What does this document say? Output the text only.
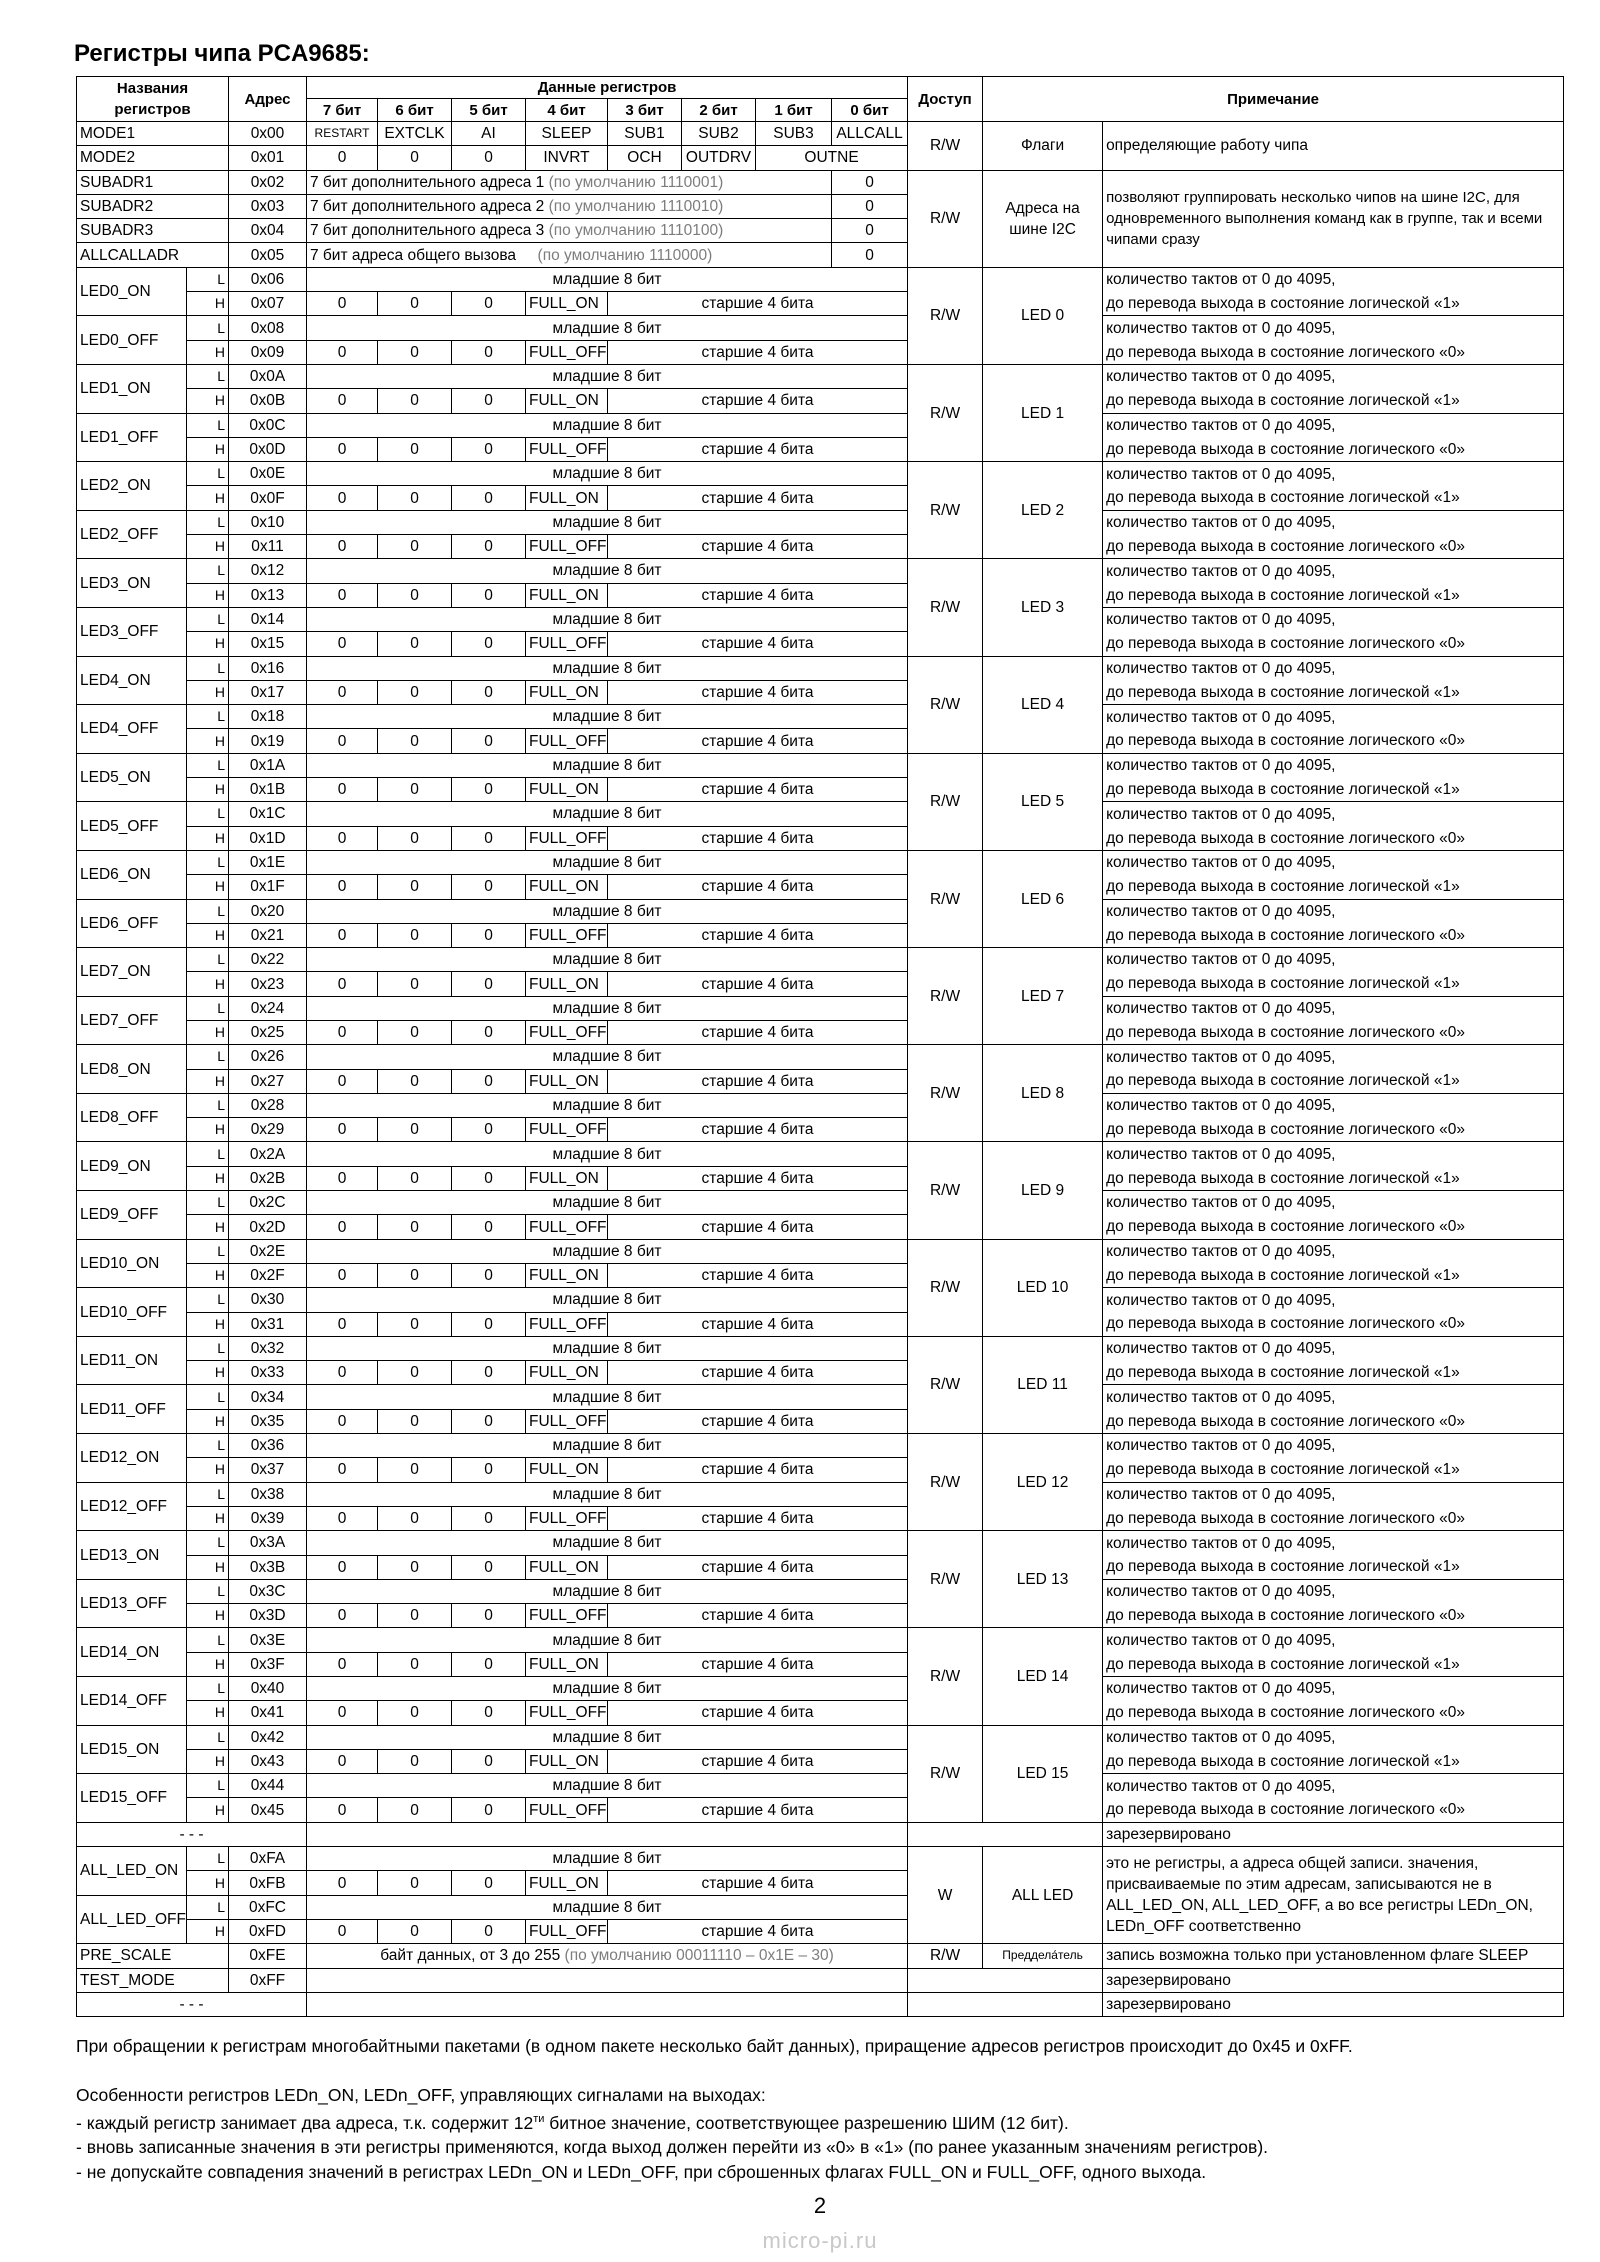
Регистры чипа PCA9685:
Названия регистров		Адрес	Данные регистров								Доступ	Примечание	
			7 бит	6 бит	5 бит	4 бит	3 бит	2 бит	1 бит	0 бит			
MODE1		0x00	RESTART	EXTCLK	AI	SLEEP	SUB1	SUB2	SUB3	ALLCALL	R/W	Флаги	определяющие работу чипа
MODE2		0x01	0	0	0	INVRT	OCH	OUTDRV	OUTNE				
SUBADR1		0x02	7 бит дополнительного адреса 1 (по умолчанию 1110001)							0	R/W	Адреса на шине I2C	позволяют группировать несколько чипов на шине I2C, для одновременного выполнения команд как в группе, так и всеми чипами сразу
SUBADR2		0x03	7 бит дополнительного адреса 2 (по умолчанию 1110010)							0			
SUBADR3		0x04	7 бит дополнительного адреса 3 (по умолчанию 1110100)							0			
ALLCALLADR		0x05	7 бит адреса общего вызова (по умолчанию 1110000)							0			
LED0_ON	L	0x06	младшие 8 бит								R/W	LED 0	количество тактов от 0 до 4095,
	H	0x07	0	0	0	FULL_ON	старшие 4 бита						до перевода выхода в состояние логической «1»
LED0_OFF	L	0x08	младшие 8 бит										количество тактов от 0 до 4095,
	H	0x09	0	0	0	FULL_OFF	старшие 4 бита						до перевода выхода в состояние логического «0»
LED1_ON	L	0x0A	младшие 8 бит								R/W	LED 1	количество тактов от 0 до 4095,
	H	0x0B	0	0	0	FULL_ON	старшие 4 бита						до перевода выхода в состояние логической «1»
LED1_OFF	L	0x0C	младшие 8 бит										количество тактов от 0 до 4095,
	H	0x0D	0	0	0	FULL_OFF	старшие 4 бита						до перевода выхода в состояние логического «0»
LED2_ON	L	0x0E	младшие 8 бит								R/W	LED 2	количество тактов от 0 до 4095,
	H	0x0F	0	0	0	FULL_ON	старшие 4 бита						до перевода выхода в состояние логической «1»
LED2_OFF	L	0x10	младшие 8 бит										количество тактов от 0 до 4095,
	H	0x11	0	0	0	FULL_OFF	старшие 4 бита						до перевода выхода в состояние логического «0»
LED3_ON	L	0x12	младшие 8 бит								R/W	LED 3	количество тактов от 0 до 4095,
	H	0x13	0	0	0	FULL_ON	старшие 4 бита						до перевода выхода в состояние логической «1»
LED3_OFF	L	0x14	младшие 8 бит										количество тактов от 0 до 4095,
	H	0x15	0	0	0	FULL_OFF	старшие 4 бита						до перевода выхода в состояние логического «0»
LED4_ON	L	0x16	младшие 8 бит								R/W	LED 4	количество тактов от 0 до 4095,
	H	0x17	0	0	0	FULL_ON	старшие 4 бита						до перевода выхода в состояние логической «1»
LED4_OFF	L	0x18	младшие 8 бит										количество тактов от 0 до 4095,
	H	0x19	0	0	0	FULL_OFF	старшие 4 бита						до перевода выхода в состояние логического «0»
LED5_ON	L	0x1A	младшие 8 бит								R/W	LED 5	количество тактов от 0 до 4095,
	H	0x1B	0	0	0	FULL_ON	старшие 4 бита						до перевода выхода в состояние логической «1»
LED5_OFF	L	0x1C	младшие 8 бит										количество тактов от 0 до 4095,
	H	0x1D	0	0	0	FULL_OFF	старшие 4 бита						до перевода выхода в состояние логического «0»
LED6_ON	L	0x1E	младшие 8 бит								R/W	LED 6	количество тактов от 0 до 4095,
	H	0x1F	0	0	0	FULL_ON	старшие 4 бита						до перевода выхода в состояние логической «1»
LED6_OFF	L	0x20	младшие 8 бит										количество тактов от 0 до 4095,
	H	0x21	0	0	0	FULL_OFF	старшие 4 бита						до перевода выхода в состояние логического «0»
LED7_ON	L	0x22	младшие 8 бит								R/W	LED 7	количество тактов от 0 до 4095,
	H	0x23	0	0	0	FULL_ON	старшие 4 бита						до перевода выхода в состояние логической «1»
LED7_OFF	L	0x24	младшие 8 бит										количество тактов от 0 до 4095,
	H	0x25	0	0	0	FULL_OFF	старшие 4 бита						до перевода выхода в состояние логического «0»
LED8_ON	L	0x26	младшие 8 бит								R/W	LED 8	количество тактов от 0 до 4095,
	H	0x27	0	0	0	FULL_ON	старшие 4 бита						до перевода выхода в состояние логической «1»
LED8_OFF	L	0x28	младшие 8 бит										количество тактов от 0 до 4095,
	H	0x29	0	0	0	FULL_OFF	старшие 4 бита						до перевода выхода в состояние логического «0»
LED9_ON	L	0x2A	младшие 8 бит								R/W	LED 9	количество тактов от 0 до 4095,
	H	0x2B	0	0	0	FULL_ON	старшие 4 бита						до перевода выхода в состояние логической «1»
LED9_OFF	L	0x2C	младшие 8 бит										количество тактов от 0 до 4095,
	H	0x2D	0	0	0	FULL_OFF	старшие 4 бита						до перевода выхода в состояние логического «0»
LED10_ON	L	0x2E	младшие 8 бит								R/W	LED 10	количество тактов от 0 до 4095,
	H	0x2F	0	0	0	FULL_ON	старшие 4 бита						до перевода выхода в состояние логической «1»
LED10_OFF	L	0x30	младшие 8 бит										количество тактов от 0 до 4095,
	H	0x31	0	0	0	FULL_OFF	старшие 4 бита						до перевода выхода в состояние логического «0»
LED11_ON	L	0x32	младшие 8 бит								R/W	LED 11	количество тактов от 0 до 4095,
	H	0x33	0	0	0	FULL_ON	старшие 4 бита						до перевода выхода в состояние логической «1»
LED11_OFF	L	0x34	младшие 8 бит										количество тактов от 0 до 4095,
	H	0x35	0	0	0	FULL_OFF	старшие 4 бита						до перевода выхода в состояние логического «0»
LED12_ON	L	0x36	младшие 8 бит								R/W	LED 12	количество тактов от 0 до 4095,
	H	0x37	0	0	0	FULL_ON	старшие 4 бита						до перевода выхода в состояние логической «1»
LED12_OFF	L	0x38	младшие 8 бит										количество тактов от 0 до 4095,
	H	0x39	0	0	0	FULL_OFF	старшие 4 бита						до перевода выхода в состояние логического «0»
LED13_ON	L	0x3A	младшие 8 бит								R/W	LED 13	количество тактов от 0 до 4095,
	H	0x3B	0	0	0	FULL_ON	старшие 4 бита						до перевода выхода в состояние логической «1»
LED13_OFF	L	0x3C	младшие 8 бит										количество тактов от 0 до 4095,
	H	0x3D	0	0	0	FULL_OFF	старшие 4 бита						до перевода выхода в состояние логического «0»
LED14_ON	L	0x3E	младшие 8 бит								R/W	LED 14	количество тактов от 0 до 4095,
	H	0x3F	0	0	0	FULL_ON	старшие 4 бита						до перевода выхода в состояние логической «1»
LED14_OFF	L	0x40	младшие 8 бит										количество тактов от 0 до 4095,
	H	0x41	0	0	0	FULL_OFF	старшие 4 бита						до перевода выхода в состояние логического «0»
LED15_ON	L	0x42	младшие 8 бит								R/W	LED 15	количество тактов от 0 до 4095,
	H	0x43	0	0	0	FULL_ON	старшие 4 бита						до перевода выхода в состояние логической «1»
LED15_OFF	L	0x44	младшие 8 бит										количество тактов от 0 до 4095,
	H	0x45	0	0	0	FULL_OFF	старшие 4 бита						до перевода выхода в состояние логического «0»
- - -													зарезервировано
ALL_LED_ON	L	0xFA	младшие 8 бит								W	ALL LED	это не регистры, а адреса общей записи. значения, присваиваемые по этим адресам, записываются не в ALL_LED_ON, ALL_LED_OFF, а во все регистры LEDn_ON, LEDn_OFF соответственно
	H	0xFB	0	0	0	FULL_ON	старшие 4 бита						
ALL_LED_OFF	L	0xFC	младшие 8 бит										
	H	0xFD	0	0	0	FULL_OFF	старшие 4 бита						
PRE_SCALE		0xFE	байт данных, от 3 до 255 (по умолчанию 00011110 – 0x1E – 30)								R/W	Преддела́тель	запись возможна только при установленном флаге SLEEP
TEST_MODE		0xFF											зарезервировано
- - -													зарезервировано

При обращении к регистрам многобайтными пакетами (в одном пакете несколько байт данных), приращение адресов регистров происходит до 0x45 и 0xFF.

Особенности регистров LEDn_ON, LEDn_OFF, управляющих сигналами на выходах:

- каждый регистр занимает два адреса, т.к. содержит $12^{ти}$ битное значение, соответствующее разрешению ШИМ (12 бит).

- вновь записанные значения в эти регистры применяются, когда выход должен перейти из «0» в «1» (по ранее указанным значениям регистров).

- не допускайте совпадения значений в регистрах LEDn_ON и LEDn_OFF, при сброшенных флагах FULL_ON и FULL_OFF, одного выхода.

2
micro-pi.ru
